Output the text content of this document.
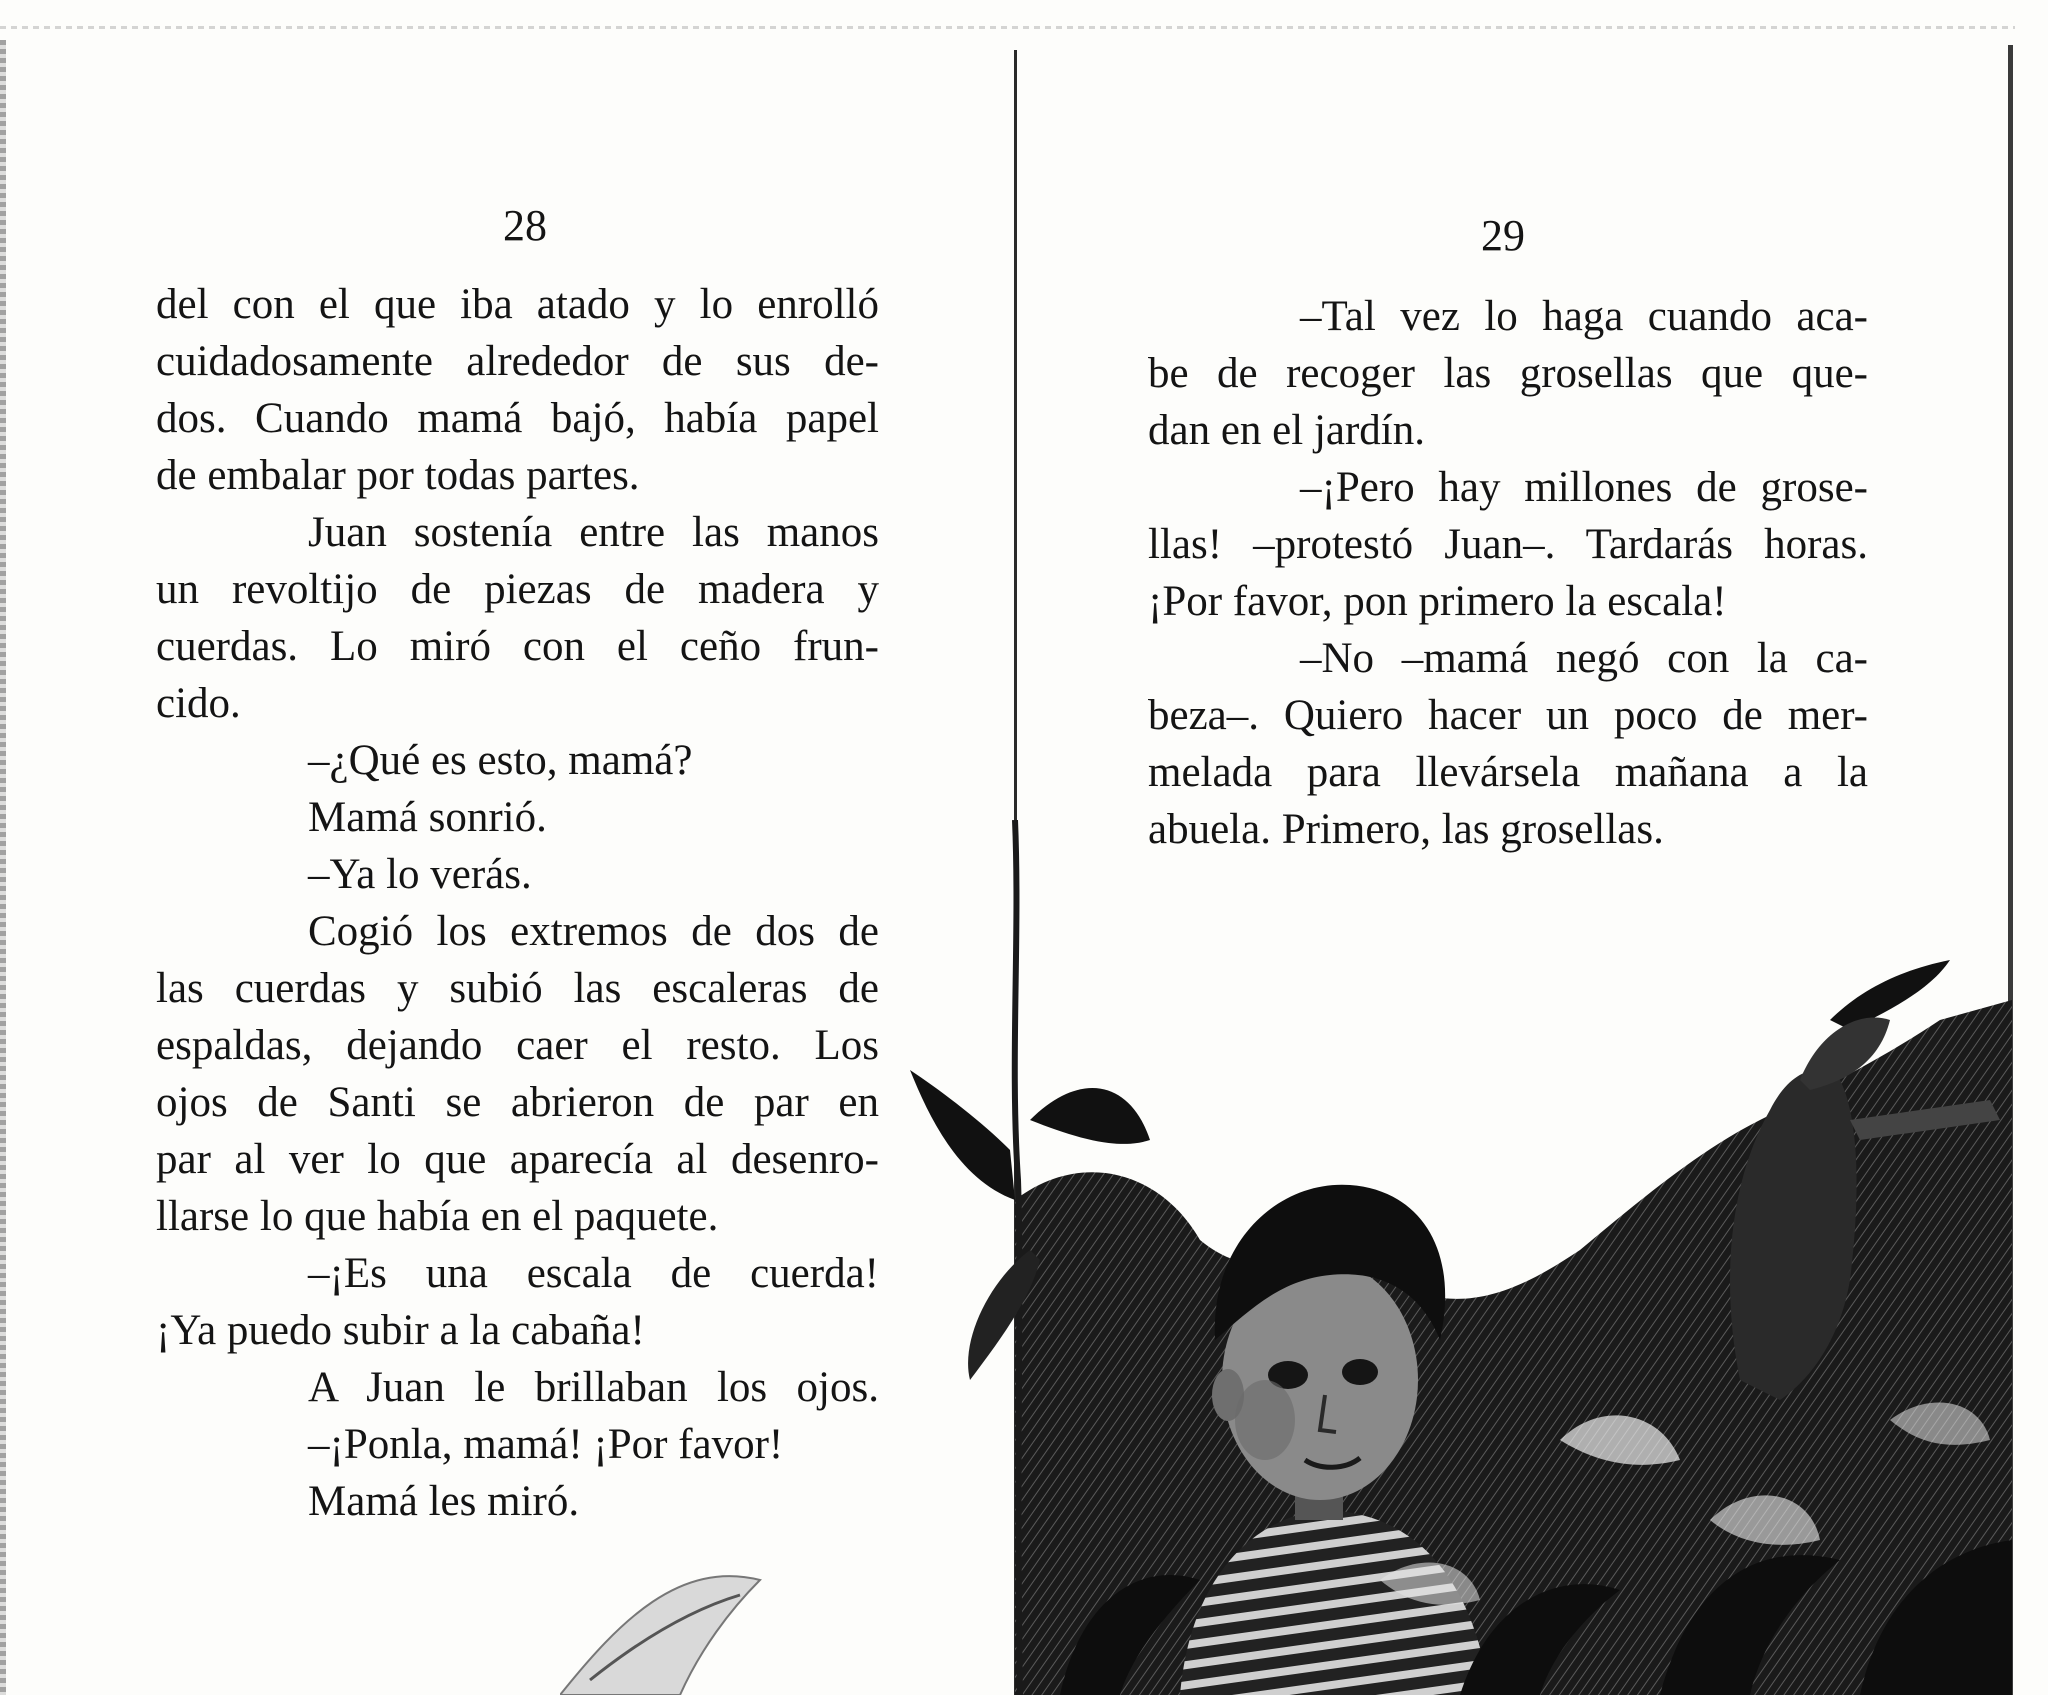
28	29
del con el que iba atado y lo enrolló
cuidadosamente alrededor de sus de-
dos. Cuando mamá bajó, había papel
de embalar por todas partes.
Juan sostenía entre las manos
un revoltijo de piezas de madera y
cuerdas. Lo miró con el ceño frun-
cido.
–¿Qué es esto, mamá?
Mamá sonrió.
–Ya lo verás.
Cogió los extremos de dos de
las cuerdas y subió las escaleras de
espaldas, dejando caer el resto. Los
ojos de Santi se abrieron de par en
par al ver lo que aparecía al desenro-
llarse lo que había en el paquete.
–¡Es una escala de cuerda!
¡Ya puedo subir a la cabaña!
A Juan le brillaban los ojos.
–¡Ponla, mamá! ¡Por favor!
Mamá les miró.
–Tal vez lo haga cuando aca-
be de recoger las grosellas que que-
dan en el jardín.
–¡Pero hay millones de grose-
llas! –protestó Juan–. Tardarás horas.
¡Por favor, pon primero la escala!
–No –mamá negó con la ca-
beza–. Quiero hacer un poco de mer-
melada para llevársela mañana a la
abuela. Primero, las grosellas.
